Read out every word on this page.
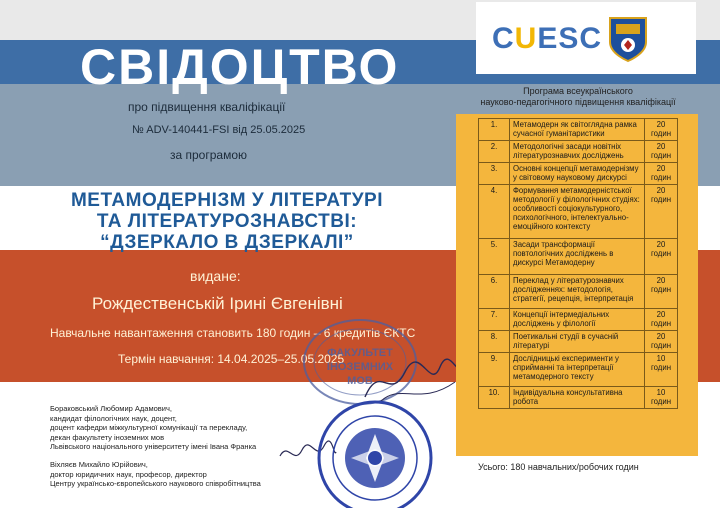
СВІДОЦТВО
про підвищення кваліфікації
№ ADV-140441-FSI від 25.05.2025
за програмою
МЕТАМОДЕРНІЗМ У ЛІТЕРАТУРІ
ТА ЛІТЕРАТУРОЗНАВСТВІ:
“ДЗЕРКАЛО В ДЗЕРКАЛІ”
видане:
Рождественській Ірині Євгенівні
Навчальне навантаження становить 180 годин – 6 кредитів ЄКТС
Термін навчання: 14.04.2025–25.05.2025
ФАКУЛЬТЕТ
ІНОЗЕМНИХ
МОВ
Бораковський Любомир Адамович,
кандидат філологічних наук, доцент,
доцент кафедри міжкультурної комунікації та перекладу,
декан факультету іноземних мов
Львівського національного університету імені Івана Франка
Віхляєв Михайло Юрійович,
доктор юридичних наук, професор, директор
Центру українсько-європейського наукового співробітництва
CUESC
Програма всеукраїнського
науково-педагогічного підвищення кваліфікації
1.	Метамодерн як світоглядна рамка сучасної гуманітаристики	20 годин
2.	Методологічні засади новітніх літературознавчих досліджень	20 годин
3.	Основні концепції метамодернізму у світовому науковому дискурсі	20 годин
4.	Формування метамодерністської методології у філологічних студіях: особливості соціокультурного, психологічного, інтелектуально-емоційного контексту	20 годин
5.	Засади трансформації повтологічних досліджень в дискурсі Метамодерну	20 годин
6.	Переклад у літературознавчих дослідженнях: методологія, стратегії, рецепція, інтерпретація	20 годин
7.	Концепції інтермедіальних досліджень у філології	20 годин
8.	Поетикальні студії в сучасній літературі	20 годин
9.	Дослідницькі експерименти у сприйманні та інтерпретації метамодерного тексту	10 годин
10.	Індивідуальна консультативна робота	10 годин
Усього: 180 навчальних/робочих годин
